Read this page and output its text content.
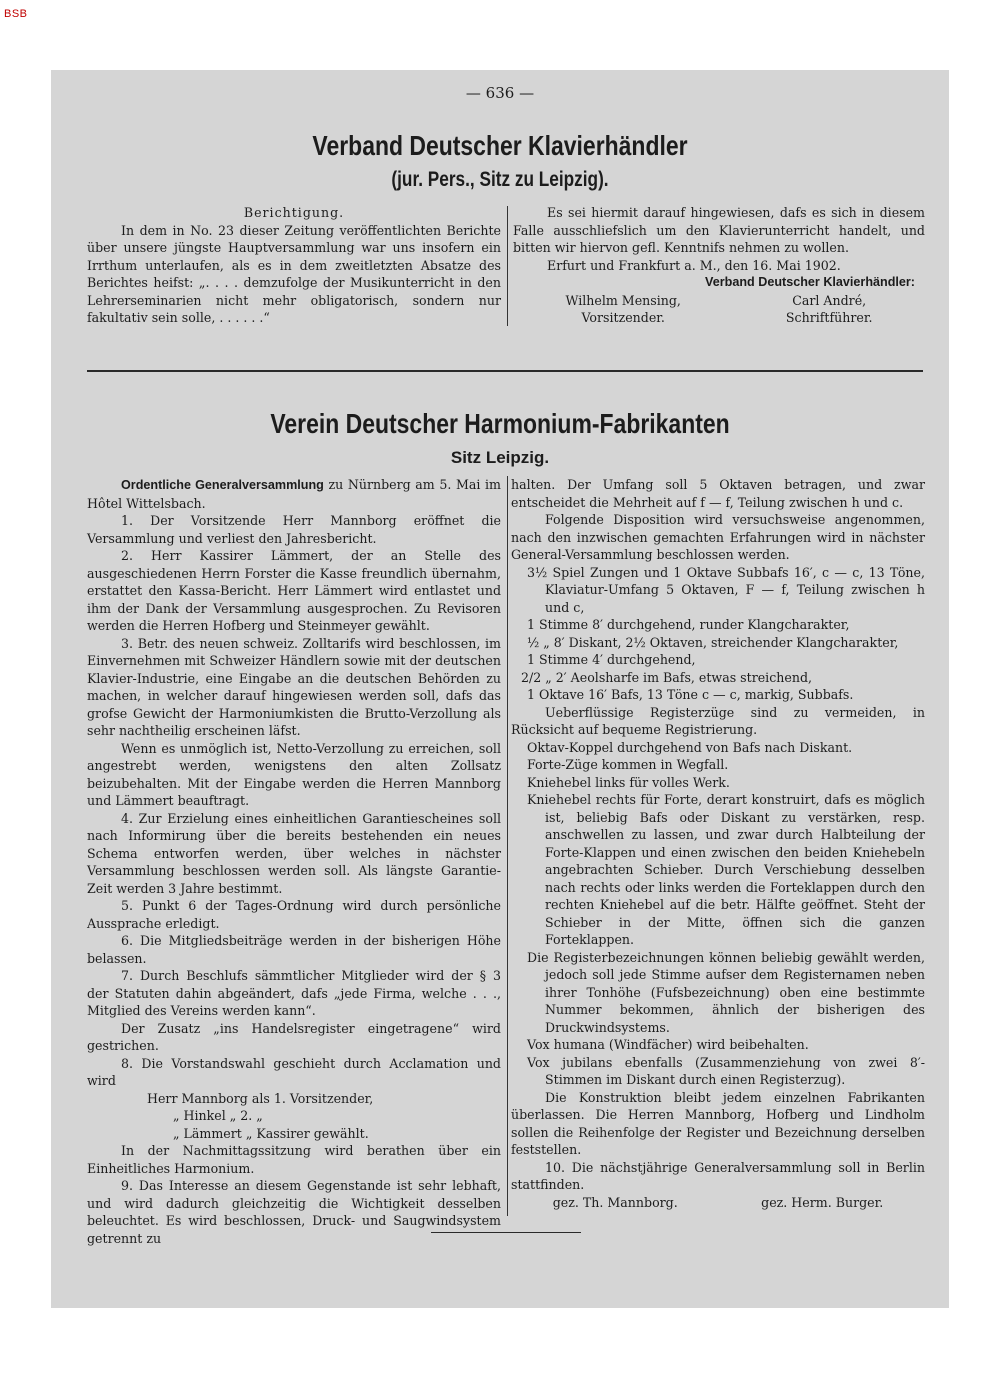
BSB
— 636 —
Verband Deutscher Klavierhändler
(jur. Pers., Sitz zu Leipzig).

Berichtigung.

In dem in No. 23 dieser Zeitung veröffentlichten Berichte über unsere jüngste Hauptversammlung war uns insofern ein Irrthum unterlaufen, als es in dem zweitletzten Absatze des Berichtes heifst: „. . . . demzufolge der Musikunterricht in den Lehrerseminarien nicht mehr obligatorisch, sondern nur fakultativ sein solle, . . . . . .“

Es sei hiermit darauf hingewiesen, dafs es sich in diesem Falle ausschliefslich um den Klavierunterricht handelt, und bitten wir hiervon gefl. Kenntnifs nehmen zu wollen.

Erfurt und Frankfurt a. M., den 16. Mai 1902.

Verband Deutscher Klavierhändler:

Wilhelm Mensing,
Vorsitzender.
Carl André,
Schriftführer.
Verein Deutscher Harmonium-Fabrikanten
Sitz Leipzig.

Ordentliche Generalversammlung zu Nürnberg am 5. Mai im Hôtel Wittelsbach.

1. Der Vorsitzende Herr Mannborg eröffnet die Versammlung und verliest den Jahresbericht.

2. Herr Kassirer Lämmert, der an Stelle des ausgeschiedenen Herrn Forster die Kasse freundlich übernahm, erstattet den Kassa-Bericht. Herr Lämmert wird entlastet und ihm der Dank der Versammlung ausgesprochen. Zu Revisoren werden die Herren Hofberg und Steinmeyer gewählt.

3. Betr. des neuen schweiz. Zolltarifs wird beschlossen, im Einvernehmen mit Schweizer Händlern sowie mit der deutschen Klavier-Industrie, eine Eingabe an die deutschen Behörden zu machen, in welcher darauf hingewiesen werden soll, dafs das grofse Gewicht der Harmoniumkisten die Brutto-Verzollung als sehr nachtheilig erscheinen läfst.

Wenn es unmöglich ist, Netto-Verzollung zu erreichen, soll angestrebt werden, wenigstens den alten Zollsatz beizubehalten. Mit der Eingabe werden die Herren Mannborg und Lämmert beauftragt.

4. Zur Erzielung eines einheitlichen Garantiescheines soll nach Informirung über die bereits bestehenden ein neues Schema entworfen werden, über welches in nächster Versammlung beschlossen werden soll. Als längste Garantie-Zeit werden 3 Jahre bestimmt.

5. Punkt 6 der Tages-Ordnung wird durch persönliche Aussprache erledigt.

6. Die Mitgliedsbeiträge werden in der bisherigen Höhe belassen.

7. Durch Beschlufs sämmtlicher Mitglieder wird der § 3 der Statuten dahin abgeändert, dafs „jede Firma, welche . . ., Mitglied des Vereins werden kann“.

Der Zusatz „ins Handelsregister eingetragene“ wird gestrichen.

8. Die Vorstandswahl geschieht durch Acclamation und wird

Herr Mannborg als 1. Vorsitzender,

„ Hinkel „ 2. „

„ Lämmert „ Kassirer gewählt.

In der Nachmittagssitzung wird berathen über ein Einheitliches Harmonium.

9. Das Interesse an diesem Gegenstande ist sehr lebhaft, und wird dadurch gleichzeitig die Wichtigkeit desselben beleuchtet. Es wird beschlossen, Druck- und Saugwindsystem getrennt zu

halten. Der Umfang soll 5 Oktaven betragen, und zwar entscheidet die Mehrheit auf f — f, Teilung zwischen h und c.

Folgende Disposition wird versuchsweise angenommen, nach den inzwischen gemachten Erfahrungen wird in nächster General-Versammlung beschlossen werden.

3½ Spiel Zungen und 1 Oktave Subbafs 16′, c — c, 13 Töne, Klaviatur-Umfang 5 Oktaven, F — f, Teilung zwischen h und c,

1 Stimme 8′ durchgehend, runder Klangcharakter,

½ „ 8′ Diskant, 2½ Oktaven, streichender Klangcharakter,

1 Stimme 4′ durchgehend,

2/2 „ 2′ Aeolsharfe im Bafs, etwas streichend,

1 Oktave 16′ Bafs, 13 Töne c — c, markig, Subbafs.

Ueberflüssige Registerzüge sind zu vermeiden, in Rücksicht auf bequeme Registrierung.

Oktav-Koppel durchgehend von Bafs nach Diskant.

Forte-Züge kommen in Wegfall.

Kniehebel links für volles Werk.

Kniehebel rechts für Forte, derart konstruirt, dafs es möglich ist, beliebig Bafs oder Diskant zu verstärken, resp. anschwellen zu lassen, und zwar durch Halbteilung der Forte-Klappen und einen zwischen den beiden Kniehebeln angebrachten Schieber. Durch Verschiebung desselben nach rechts oder links werden die Forteklappen durch den rechten Kniehebel auf die betr. Hälfte geöffnet. Steht der Schieber in der Mitte, öffnen sich die ganzen Forteklappen.

Die Registerbezeichnungen können beliebig gewählt werden, jedoch soll jede Stimme aufser dem Registernamen neben ihrer Tonhöhe (Fufsbezeichnung) oben eine bestimmte Nummer bekommen, ähnlich der bisherigen des Druckwindsystems.

Vox humana (Windfächer) wird beibehalten.

Vox jubilans ebenfalls (Zusammenziehung von zwei 8′-Stimmen im Diskant durch einen Registerzug).

Die Konstruktion bleibt jedem einzelnen Fabrikanten überlassen. Die Herren Mannborg, Hofberg und Lindholm sollen die Reihenfolge der Register und Bezeichnung derselben feststellen.

10. Die nächstjährige Generalversammlung soll in Berlin stattfinden.

gez. Th. Mannborg.	gez. Herm. Burger.
